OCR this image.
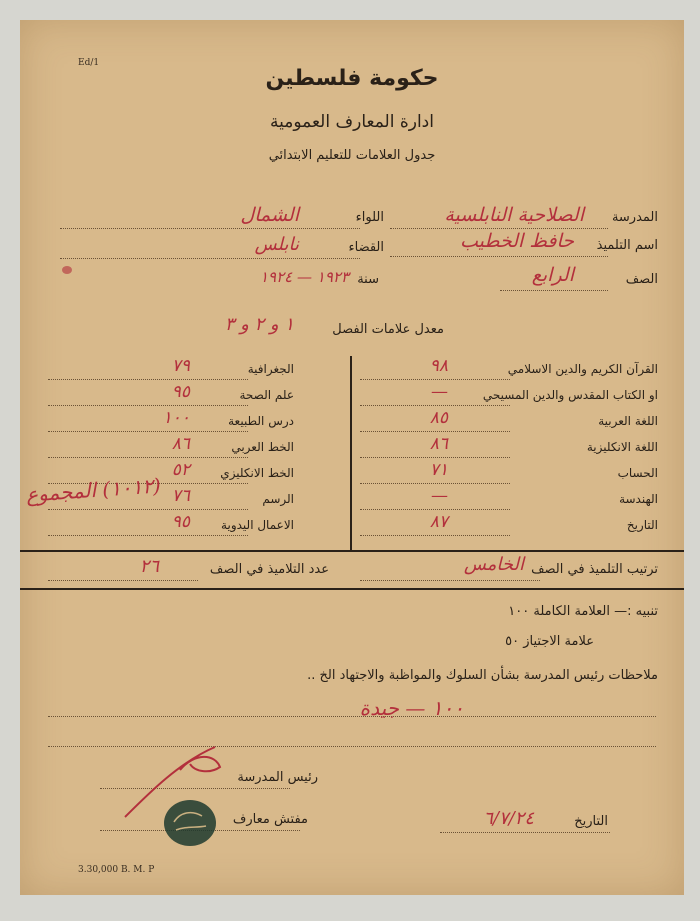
Ed/1
حكومة فلسطين
ادارة المعارف العمومية
جدول العلامات للتعليم الابتدائي
المدرسة
الصلاحية النابلسية
اللواء
الشمال
اسم التلميذ
حافظ الخطيب
القضاء
نابلس
الصف
الرابع
سنة
١٩٢٣ — ١٩٢٤
معدل علامات الفصل
١ و ٢ و ٣
القرآن الكريم والدين الاسلامي
٩٨
او الكتاب المقدس والدين المسيحي
—
اللغة العربية
٨٥
اللغة الانكليزية
٨٦
الحساب
٧١
الهندسة
—
التاريخ
٨٧
الجغرافية
٧٩
علم الصحة
٩٥
درس الطبيعة
١٠٠
الخط العربي
٨٦
الخط الانكليزي
٥٢
الرسم
٧٦
الاعمال اليدوية
٩٥
(١٠١٢) المجموع
ترتيب التلميذ في الصف
الخامس
عدد التلاميذ في الصف
٢٦
تنبيه :— العلامة الكاملة ١٠٠
علامة الاجتياز ٥٠
ملاحظات رئيس المدرسة بشأن السلوك والمواظبة والاجتهاد الخ ..
١٠٠ — جيدة
رئيس المدرسة
مفتش معارف	التاريخ
٦/٧/٢٤
3.30,000 B. M. P
